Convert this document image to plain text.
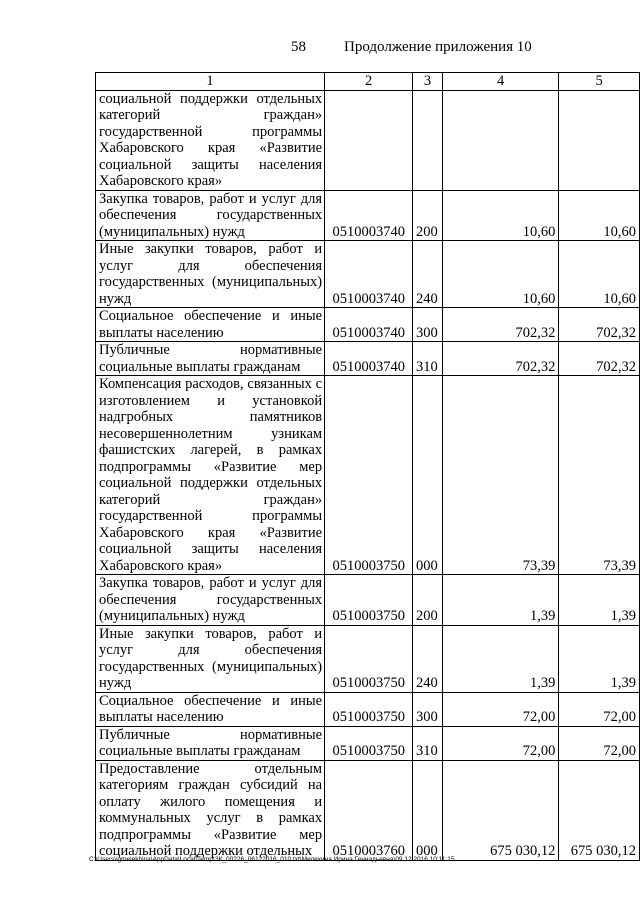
58	Продолжение приложения 10
1	2	3	4	5
социальной поддержки отдельных категорий граждан» государственной программы Хабаровского края «Развитие социальной защиты населения Хабаровского края»				
Закупка товаров, работ и услуг для обеспечения государственных (муниципальных) нужд	0510003740	200	10,60	10,60
Иные закупки товаров, работ и услуг для обеспечения государственных (муниципальных) нужд	0510003740	240	10,60	10,60
Социальное обеспечение и иные выплаты населению	0510003740	300	702,32	702,32
Публичные нормативные социальные выплаты гражданам	0510003740	310	702,32	702,32
Компенсация расходов, связанных с изготовлением и установкой надгробных памятников несовершеннолетним узникам фашистских лагерей, в рамках подпрограммы «Развитие мер социальной поддержки отдельных категорий граждан» государственной программы Хабаровского края «Развитие социальной защиты населения Хабаровского края»	0510003750	000	73,39	73,39
Закупка товаров, работ и услуг для обеспечения государственных (муниципальных) нужд	0510003750	200	1,39	1,39
Иные закупки товаров, работ и услуг для обеспечения государственных (муниципальных) нужд	0510003750	240	1,39	1,39
Социальное обеспечение и иные выплаты населению	0510003750	300	72,00	72,00
Публичные нормативные социальные выплаты гражданам	0510003750	310	72,00	72,00
Предоставление отдельным категориям граждан субсидий на оплату жилого помещения и коммунальных услуг в рамках подпрограммы «Развитие мер социальной поддержки отдельных	0510003760	000	675 030,12	675 030,12
C:\Users\igmelekhina\AppData\Local\Temp\ЗК_00226_06122016_010.txt\Мелехина Ирина Геннадьевна\09.12.2016 10:11:15
